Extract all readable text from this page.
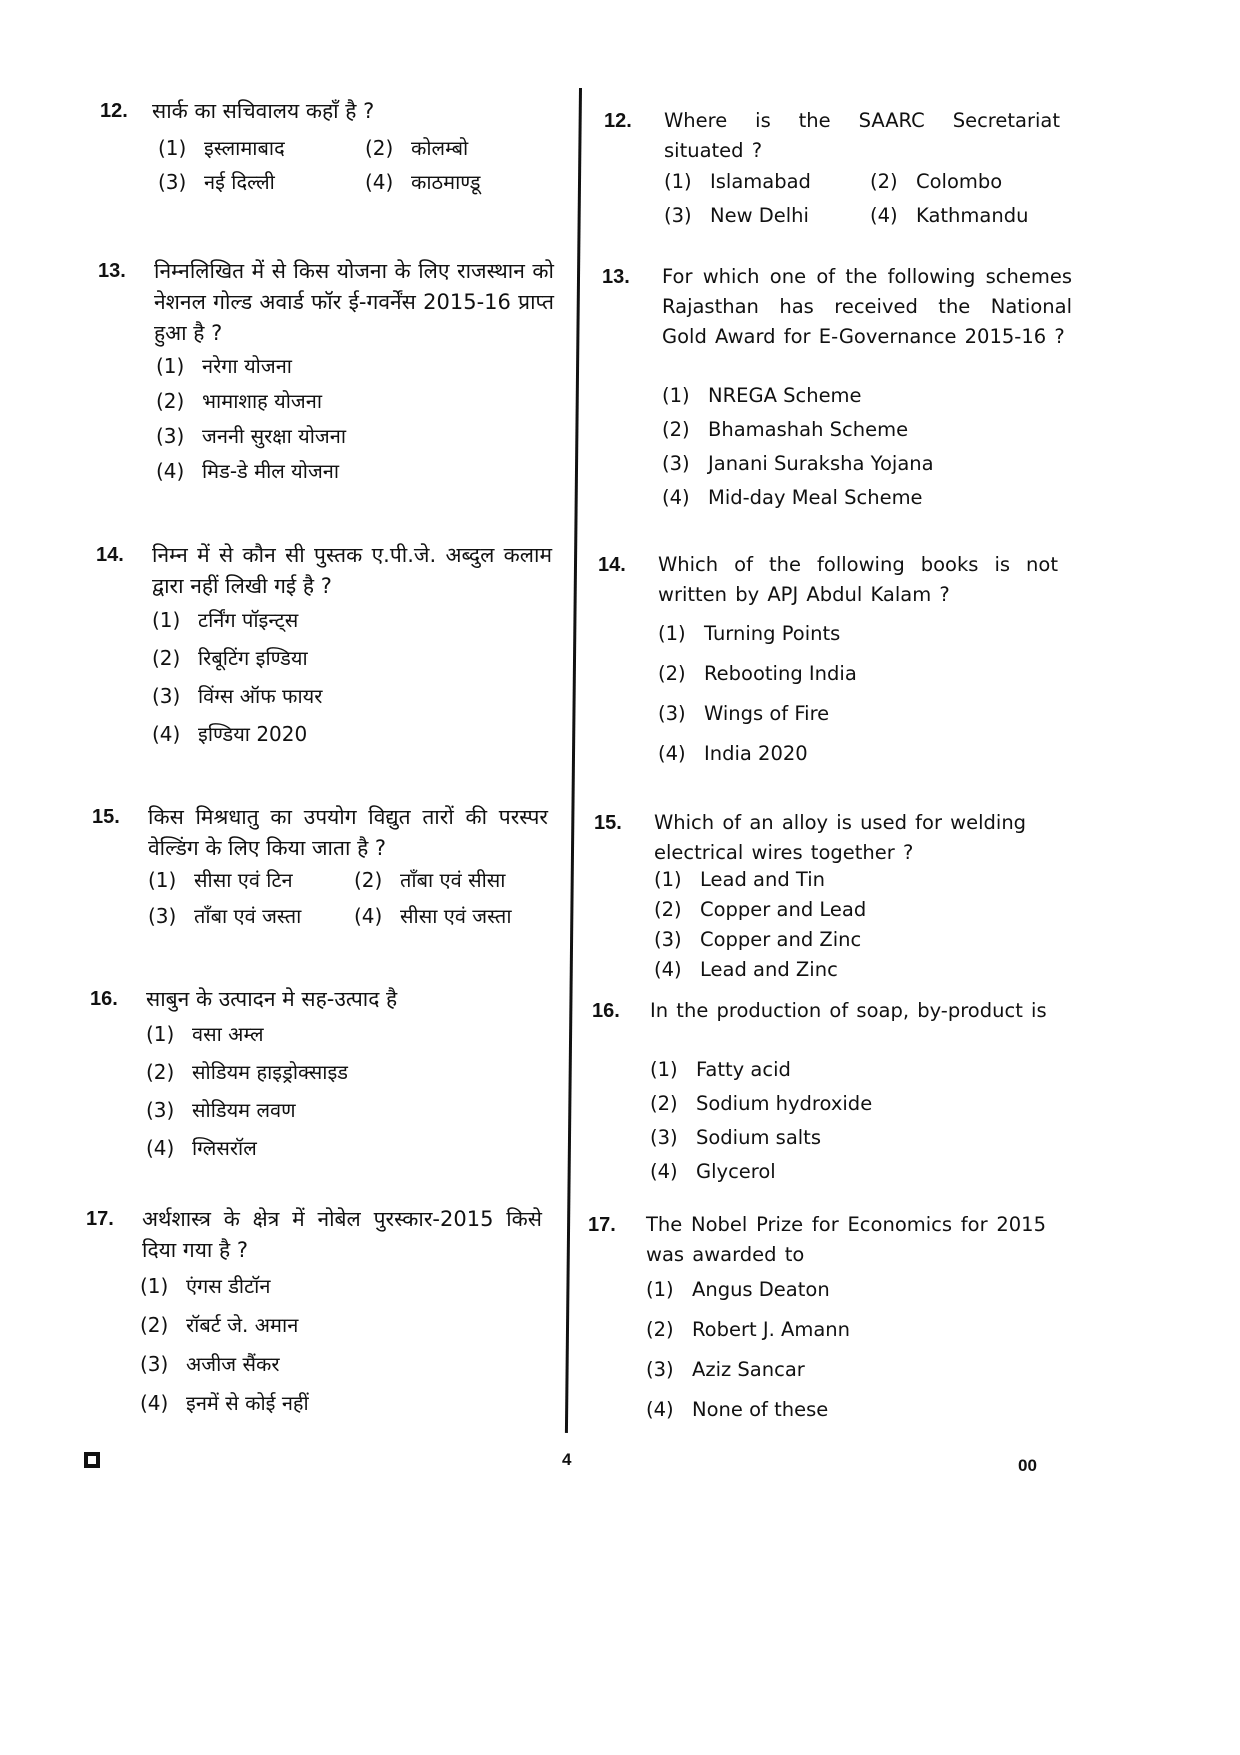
12. सार्क का सचिवालय कहाँ है ?
(1) इस्लामाबाद	(2) कोलम्बो
(3) नई दिल्ली	(4) काठमाण्डू
13. निम्नलिखित में से किस योजना के लिए राजस्थान को नेशनल गोल्ड अवार्ड फॉर ई-गवर्नेंस 2015-16 प्राप्त हुआ है ?
(1) नरेगा योजना
(2) भामाशाह योजना
(3) जननी सुरक्षा योजना
(4) मिड-डे मील योजना
14. निम्न में से कौन सी पुस्तक ए.पी.जे. अब्दुल कलाम द्वारा नहीं लिखी गई है ?
(1) टर्निंग पॉइन्ट्स
(2) रिबूटिंग इण्डिया
(3) विंग्स ऑफ फायर
(4) इण्डिया 2020
15. किस मिश्रधातु का उपयोग विद्युत तारों की परस्पर वेल्डिंग के लिए किया जाता है ?
(1) सीसा एवं टिन	(2) ताँबा एवं सीसा
(3) ताँबा एवं जस्ता	(4) सीसा एवं जस्ता
16. साबुन के उत्पादन मे सह-उत्पाद है
(1) वसा अम्ल
(2) सोडियम हाइड्रोक्साइड
(3) सोडियम लवण
(4) ग्लिसरॉल
17. अर्थशास्त्र के क्षेत्र में नोबेल पुरस्कार-2015 किसे दिया गया है ?
(1) एंगस डीटॉन
(2) रॉबर्ट जे. अमान
(3) अजीज सैंकर
(4) इनमें से कोई नहीं
12. Where is the SAARC Secretariat situated ?
(1) Islamabad	(2) Colombo
(3) New Delhi	(4) Kathmandu
13. For which one of the following schemes Rajasthan has received the National Gold Award for E-Governance 2015-16 ?
(1) NREGA Scheme
(2) Bhamashah Scheme
(3) Janani Suraksha Yojana
(4) Mid-day Meal Scheme
14. Which of the following books is not written by APJ Abdul Kalam ?
(1) Turning Points
(2) Rebooting India
(3) Wings of Fire
(4) India 2020
15. Which of an alloy is used for welding electrical wires together ?
(1) Lead and Tin
(2) Copper and Lead
(3) Copper and Zinc
(4) Lead and Zinc
16. In the production of soap, by-product is
(1) Fatty acid
(2) Sodium hydroxide
(3) Sodium salts
(4) Glycerol
17. The Nobel Prize for Economics for 2015 was awarded to
(1) Angus Deaton
(2) Robert J. Amann
(3) Aziz Sancar
(4) None of these
4	00
